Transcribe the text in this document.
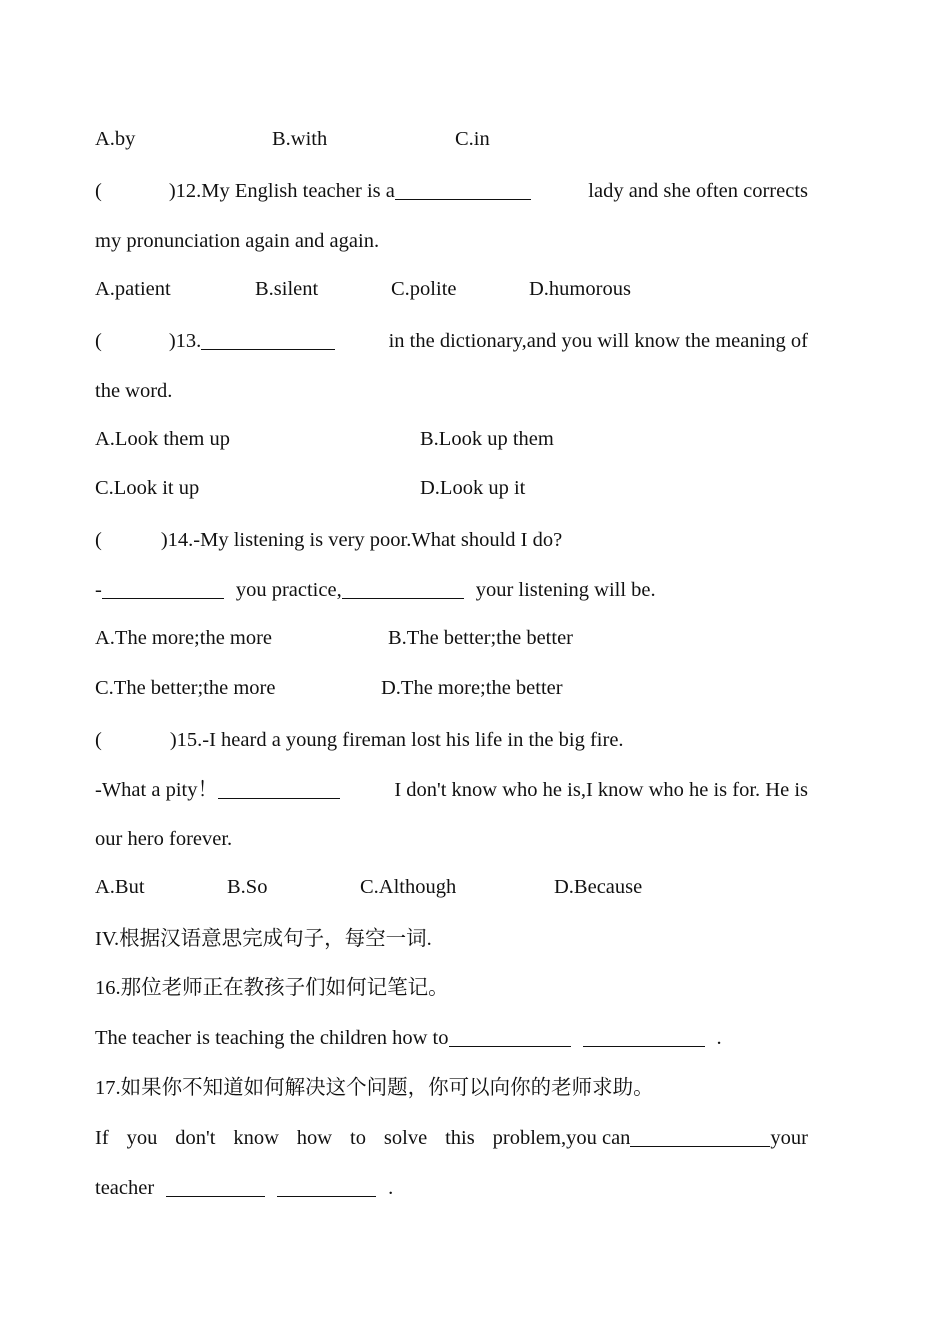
A.by	B.with	C.in
(	)12.My English teacher is a	lady and she often corrects
my pronunciation again and again.
A.patient	B.silent	C.polite	D.humorous
(	)13.	in the dictionary,and you will know the meaning of
the word.
A.Look them up	B.Look up them
C.Look it up	D.Look up it
(	)14.-My listening is very poor.What should I do?
-	you practice,	your listening will be.
A.The more;the more	B.The better;the better
C.The better;the more	D.The more;the better
(	)15.-I heard a young fireman lost his life in the big fire.
-What a pity！	I don't know who he is,I know who he is for. He is
our hero forever.
A.But	B.So	C.Although	D.Because
IV.根据汉语意思完成句子，每空一词.
16.那位老师正在教孩子们如何记笔记。
The teacher is teaching the children how to	.
17.如果你不知道如何解决这个问题，你可以向你的老师求助。
If you don't know how to solve this problem,you can	your
teacher	.
